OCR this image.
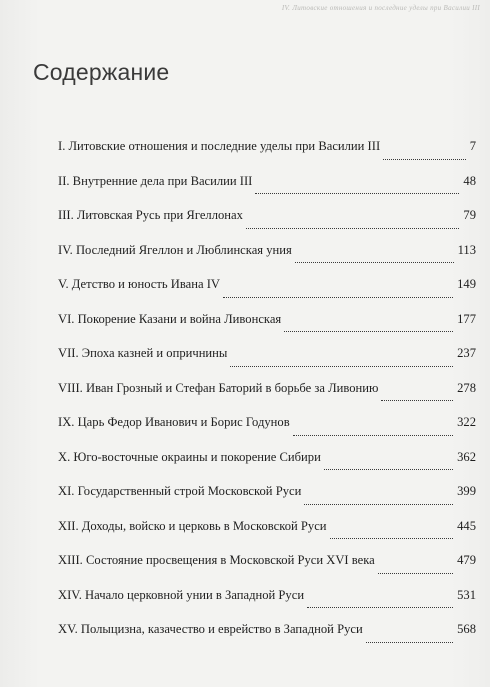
IV. Литовские отношения и последние уделы при Василии III
Содержание
I. Литовские отношения и последние уделы при Василии III	7
II. Внутренние дела при Василии III	48
III. Литовская Русь при Ягеллонах	79
IV. Последний Ягеллон и Люблинская уния	113
V. Детство и юность Ивана IV	149
VI. Покорение Казани и война Ливонская	177
VII. Эпоха казней и опричнины	237
VIII. Иван Грозный и Стефан Баторий в борьбе за Ливонию	278
IX. Царь Федор Иванович и Борис Годунов	322
X. Юго-восточные окраины и покорение Сибири	362
XI. Государственный строй Московской Руси	399
XII. Доходы, войско и церковь в Московской Руси	445
XIII. Состояние просвещения в Московской Руси XVI века	479
XIV. Начало церковной унии в Западной Руси	531
XV. Полыцизна, казачество и еврейство в Западной Руси	568
